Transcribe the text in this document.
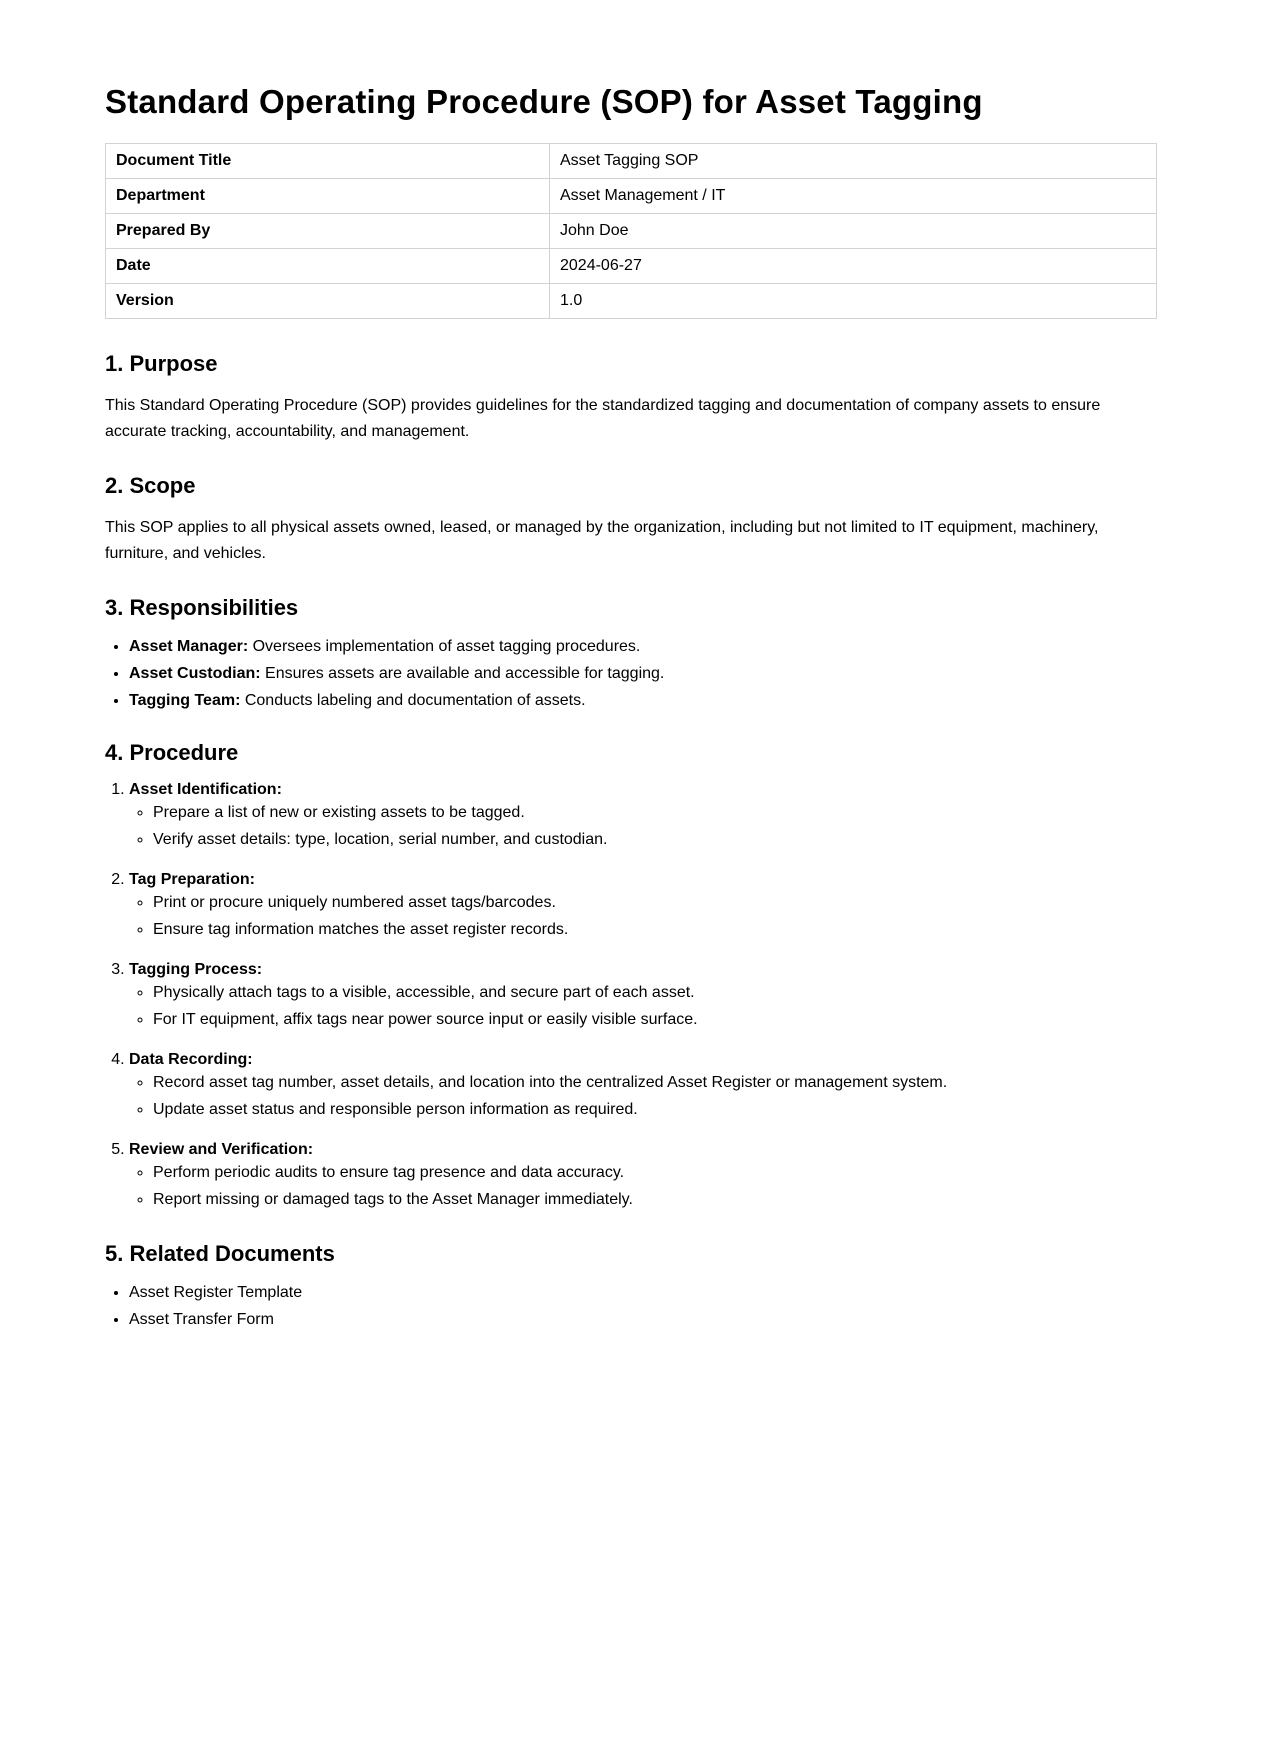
Standard Operating Procedure (SOP) for Asset Tagging
Document Title	Asset Tagging SOP
Department	Asset Management / IT
Prepared By	John Doe
Date	2024-06-27
Version	1.0
1. Purpose

This Standard Operating Procedure (SOP) provides guidelines for the standardized tagging and documentation of company assets to ensure accurate tracking, accountability, and management.

2. Scope

This SOP applies to all physical assets owned, leased, or managed by the organization, including but not limited to IT equipment, machinery, furniture, and vehicles.

3. Responsibilities
• Asset Manager: Oversees implementation of asset tagging procedures.
• Asset Custodian: Ensures assets are available and accessible for tagging.
• Tagging Team: Conducts labeling and documentation of assets.
4. Procedure
1. Asset Identification:
◦ Prepare a list of new or existing assets to be tagged.
◦ Verify asset details: type, location, serial number, and custodian.
2. Tag Preparation:
◦ Print or procure uniquely numbered asset tags/barcodes.
◦ Ensure tag information matches the asset register records.
3. Tagging Process:
◦ Physically attach tags to a visible, accessible, and secure part of each asset.
◦ For IT equipment, affix tags near power source input or easily visible surface.
4. Data Recording:
◦ Record asset tag number, asset details, and location into the centralized Asset Register or management system.
◦ Update asset status and responsible person information as required.
5. Review and Verification:
◦ Perform periodic audits to ensure tag presence and data accuracy.
◦ Report missing or damaged tags to the Asset Manager immediately.
5. Related Documents
• Asset Register Template
• Asset Transfer Form
